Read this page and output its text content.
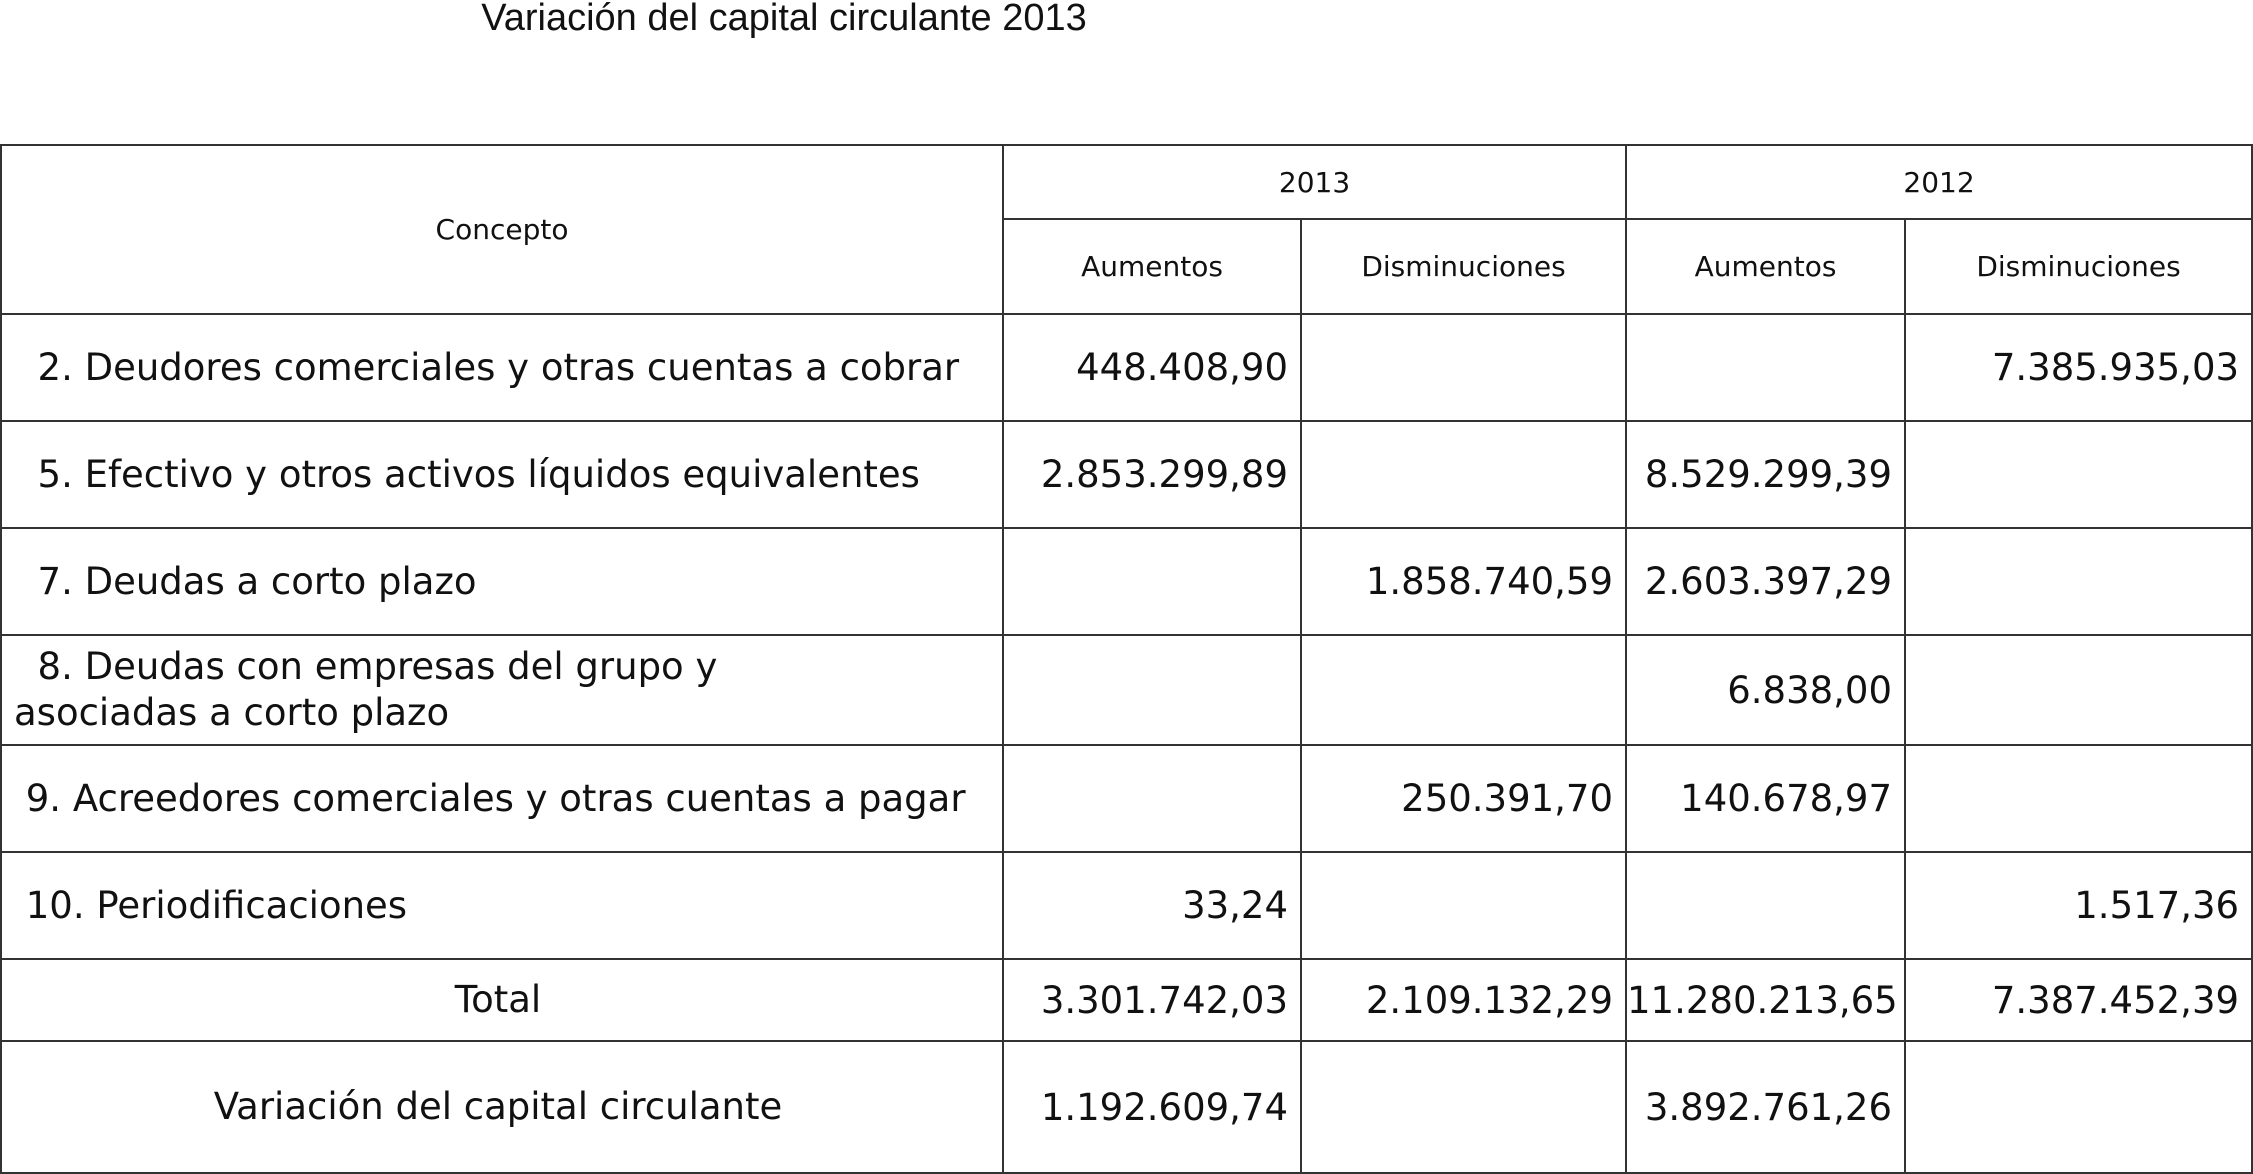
Variación del capital circulante 2013
Concepto	2013		2012	
	Aumentos	Disminuciones	Aumentos	Disminuciones
2. Deudores comerciales y otras cuentas a cobrar	448.408,90			7.385.935,03
5. Efectivo y otros activos líquidos equivalentes	2.853.299,89		8.529.299,39	
7. Deudas a corto plazo		1.858.740,59	2.603.397,29	
8. Deudas con empresas del grupo y asociadas a corto plazo			6.838,00	
9. Acreedores comerciales y otras cuentas a pagar		250.391,70	140.678,97	
10. Periodificaciones	33,24			1.517,36
Total	3.301.742,03	2.109.132,29	11.280.213,65	7.387.452,39
Variación del capital circulante	1.192.609,74		3.892.761,26	
